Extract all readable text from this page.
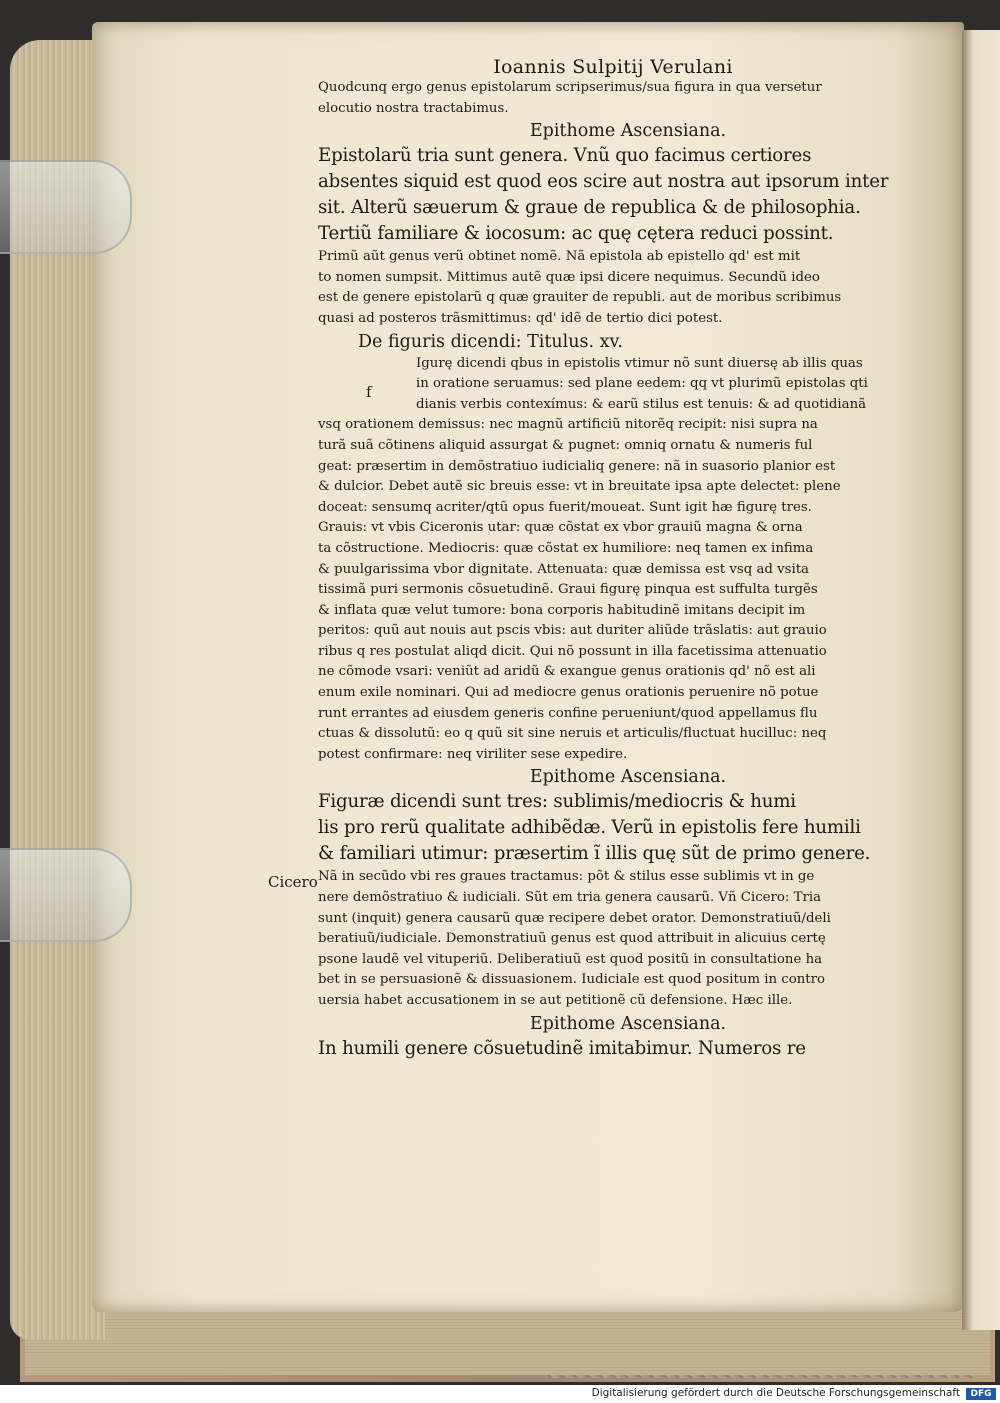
Ioannis Sulpitij Verulani
Quodcunq ergo genus epistolarum scripserimus/sua figura in qua versetur
elocutio nostra tractabimus.
Epithome Ascensiana.
Epistolarũ tria sunt genera. Vnũ quo facimus certiores
absentes siquid est quod eos scire aut nostra aut ipsorum inter
sit. Alterũ sæuerum & graue de republica & de philosophia.
Tertiũ familiare & iocosum: ac quę cętera reduci possint.
Primũ aũt genus verũ obtinet nomẽ. Nã epistola ab epistello qd' est mit
to nomen sumpsit. Mittimus autẽ quæ ipsi dicere nequimus. Secundũ ideo
est de genere epistolarũ q quæ grauiter de republi. aut de moribus scribimus
quasi ad posteros trãsmittimus: qd' idẽ de tertio dici potest.
De figuris dicendi: Titulus. xv.
Igurę dicendi qbus in epistolis vtimur nõ sunt diuersę ab illis quas
in oratione seruamus: sed plane eedem: qq vt plurimũ epistolas qti
dianis verbis contexímus: & earũ stilus est tenuis: & ad quotidianã
vsq orationem demissus: nec magnũ artificiũ nitorẽq recipit: nisi supra na
turã suã cõtinens aliquid assurgat & pugnet: omniq ornatu & numeris ful
geat: præsertim in demõstratiuo iudicialiq genere: nã in suasorio planior est
& dulcior. Debet autẽ sic breuis esse: vt in breuitate ipsa apte delectet: plene
doceat: sensumq acriter/qtũ opus fuerit/moueat. Sunt igit hæ figurę tres.
Grauis: vt vbis Ciceronis utar: quæ cõstat ex vbor grauiũ magna & orna
ta cõstructione. Mediocris: quæ cõstat ex humiliore: neq tamen ex infima
& puulgarissima vbor dignitate. Attenuata: quæ demissa est vsq ad vsita
tissimã puri sermonis cõsuetudinẽ. Graui figurę pinqua est suffulta turgẽs
& inflata quæ velut tumore: bona corporis habitudinẽ imitans decipit im
peritos: quũ aut nouis aut pscis vbis: aut duriter aliũde trãslatis: aut grauio
ribus q res postulat aliqd dicit. Qui nõ possunt in illa facetissima attenuatio
ne cõmode vsari: veniũt ad aridũ & exangue genus orationis qd' nõ est ali
enum exile nominari. Qui ad mediocre genus orationis peruenire nõ potue
runt errantes ad eiusdem generis confine perueniunt/quod appellamus flu
ctuas & dissolutũ: eo q quũ sit sine neruis et articulis/fluctuat hucilluc: neq
potest confirmare: neq viriliter sese expedire.
Epithome Ascensiana.
Figuræ dicendi sunt tres: sublimis/mediocris & humi
lis pro rerũ qualitate adhibẽdæ. Verũ in epistolis fere humili
& familiari utimur: præsertim ĩ illis quę sũt de primo genere.
Nã in secũdo vbi res graues tractamus: põt & stilus esse sublimis vt in ge
nere demõstratiuo & iudiciali. Sũt em tria genera causarũ. Vñ Cicero: Tria
sunt (inquit) genera causarũ quæ recipere debet orator. Demonstratiuũ/deli
beratiuũ/iudiciale. Demonstratiuũ genus est quod attribuit in alicuius certę
psone laudẽ vel vituperiũ. Deliberatiuũ est quod positũ in consultatione ha
bet in se persuasionẽ & dissuasionem. Iudiciale est quod positum in contro
uersia habet accusationem in se aut petitionẽ cũ defensione. Hæc ille.
Epithome Ascensiana.
In humili genere cõsuetudinẽ imitabimur. Numeros re
f
Cicero
Digitalisierung gefördert durch die Deutsche Forschungsgemeinschaft	DFG
